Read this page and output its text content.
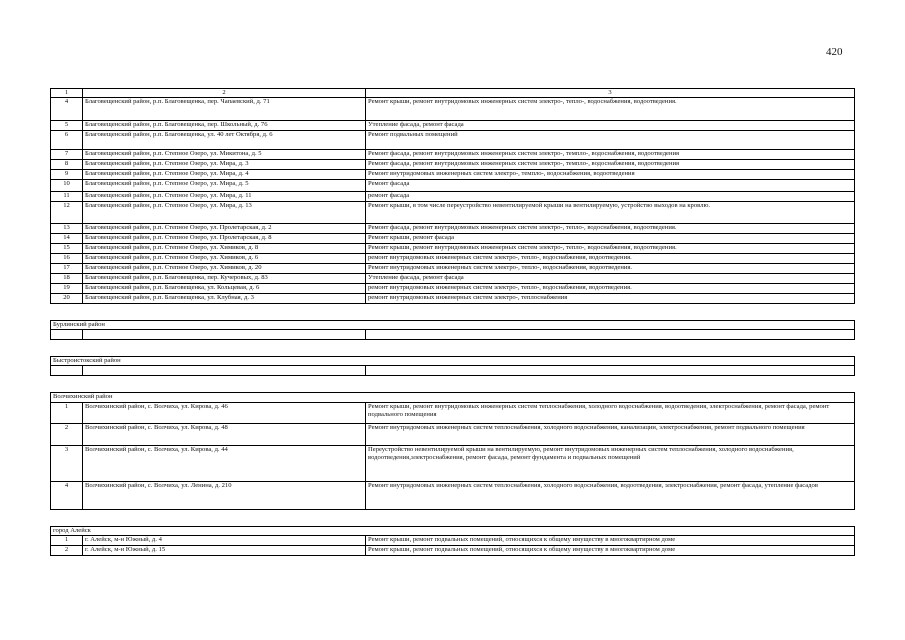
420
1	2	3
4	Благовещенский район, р.п. Благовещенка, пер. Чапаевский, д. 71	Ремонт крыши, ремонт внутридомовых инженерных систем электро-, тепло-, водоснабжения, водоотведения.
5	Благовещенский район, р.п. Благовещенка, пер. Школьный, д. 76	Утепление фасада, ремонт фасада
6	Благовещенский район, р.п. Благовещенка, ул. 40 лет Октября, д. 6	Ремонт подвальных помещений
7	Благовещенский район, р.п. Степное Озеро, ул. Микитона, д. 5	Ремонт фасада, ремонт внутридомовых инженерных систем электро-, темпло-, водоснабжения, водоотведения
8	Благовещенский район, р.п. Степное Озеро, ул. Мира, д. 3	Ремонт фасада, ремонт внутридомовых инженерных систем электро-, темпло-, водоснабжения, водоотведения
9	Благовещенский район, р.п. Степное Озеро, ул. Мира, д. 4	Ремонт внутридомовых инженерных систем электро-, темпло-, водоснабжения, водоотведения
10	Благовещенский район, р.п. Степное Озеро, ул. Мира, д. 5	Ремонт фасада
11	Благовещенский район, р.п. Степное Озеро, ул. Мира, д. 11	ремонт фасада
12	Благовещенский район, р.п. Степное Озеро, ул. Мира, д. 13	Ремонт крыши, в том числе переустройство невентилируемой крыши на вентилируемую, устройство выходов на кровлю.
13	Благовещенский район, р.п. Степное Озеро, ул. Пролетарская, д. 2	Ремонт фасада, ремонт внутридомовых инженерных систем электро-, тепло-, водоснабжения, водоотведения.
14	Благовещенский район, р.п. Степное Озеро, ул. Пролетарская, д. 8	Ремонт крыши, ремонт фасада
15	Благовещенский район, р.п. Степное Озеро, ул. Химиков, д. 8	Ремонт крыши, ремонт внутридомовых инженерных систем электро-, тепло-, водоснабжения, водоотведения.
16	Благовещенский район, р.п. Степное Озеро, ул. Химиков, д. 6	ремонт внутридомовых инженерных систем электро-, тепло-, водоснабжения, водоотведения.
17	Благовещенский район, р.п. Степное Озеро, ул. Химиков, д. 20	Ремонт внутридомовых инженерных систем электро-, тепло-, водоснабжения, водоотведения.
18	Благовещенский район, р.п. Благовещенка, пер. Кучеровых, д. 83	Утепление фасада, ремонт фасада
19	Благовещенский район, р.п. Благовещенка, ул. Кольцевая, д. 6	ремонт внутридомовых инженерных систем электро-, тепло-, водоснабжения, водоотведения.
20	Благовещенский район, р.п. Благовещенка, ул. Клубная, д. 3	ремонт внутридомовых инженерных систем электро-, теплоснабжения

Бурлинский район		

Быстроистокский район		

Волчихинский район		
1	Волчихинский район, с. Волчиха, ул. Кирова, д. 46	Ремонт крыши, ремонт внутридомовых инженерных систем теплоснабжения, холодного водоснабжения, водоотведения, электроснабжения, ремонт фасада, ремонт подвального помещения
2	Волчихинский район, с. Волчиха, ул. Кирова, д. 48	Ремонт внутридомовых инженерных систем теплоснабжения, холодного водоснабжения, канализации, электроснабжения, ремонт подвального помещения
3	Волчихинский район, с. Волчиха, ул. Кирова, д. 44	Переустройство невентилируемой крыши на вентилируемую, ремонт внутридомовых инженерных систем теплоснабжения, холодного водоснабжения, водоотведения,электроснабжения, ремонт фасада, ремонт фундамента и подвальных помещений
4	Волчихинский район, с. Волчиха, ул. Ленина, д. 210	Ремонт внутридомовых инженерных систем теплоснабжения, холодного водоснабжения, водоотведения, электроснабжения, ремонт фасада, утепление фасадов

город Алейск		
1	г. Алейск, м-н Южный, д. 4	Ремонт крыши, ремонт подвальных помещений, относящихся к общему имуществу в многоквартирном доме
2	г. Алейск, м-н Южный, д. 15	Ремонт крыши, ремонт подвальных помещений, относящихся к общему имуществу в многоквартирном доме
